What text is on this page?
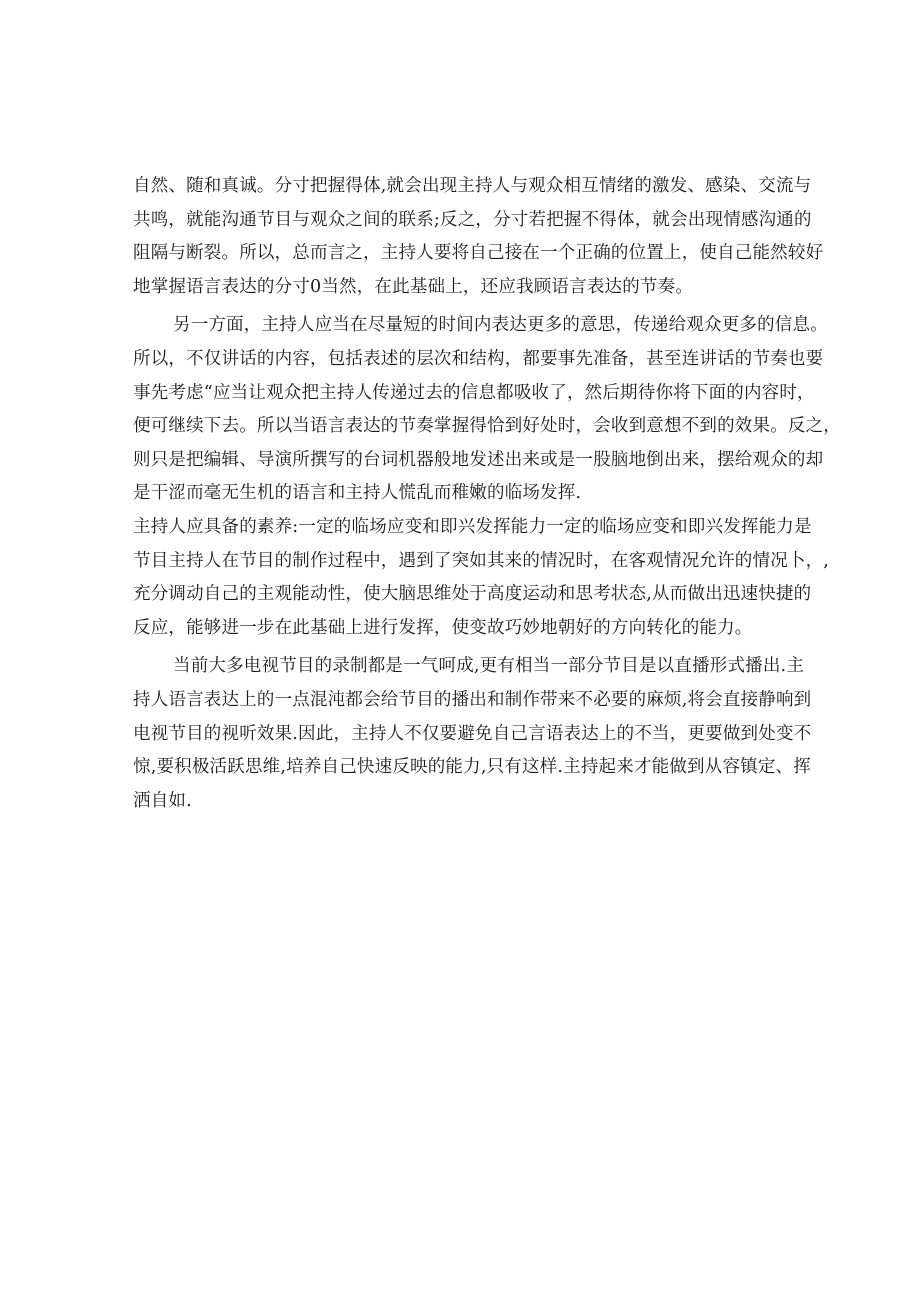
自然、随和真诚。分寸把握得体,就会出现主持人与观众相互情绪的激发、感染、交流与
共鸣，就能沟通节目与观众之间的联系;反之，分寸若把握不得体，就会出现情感沟通的
阻隔与断裂。所以，总而言之，主持人要将自己接在一个正确的位置上，使自己能然较好
地掌握语言表达的分寸0当然，在此基础上，还应我顾语言表达的节奏。
另一方面，主持人应当在尽量短的时间内表达更多的意思，传递给观众更多的信息。
所以，不仅讲话的内容，包括表述的层次和结构，都要事先准备，甚至连讲话的节奏也要
事先考虑“应当让观众把主持人传递过去的信息都吸收了，然后期待你将下面的内容时，
便可继续下去。所以当语言表达的节奏掌握得恰到好处时，会收到意想不到的效果。反之，
则只是把编辑、导演所撰写的台词机器般地发述出来或是一股脑地倒出来，摆给观众的却
是干涩而毫无生机的语言和主持人慌乱而稚嫩的临场发挥.
主持人应具备的素养:一定的临场应变和即兴发挥能力一定的临场应变和即兴发挥能力是
节目主持人在节目的制作过程中，遇到了突如其来的情况时，在客观情况允许的情况卜，,
充分调动自己的主观能动性，使大脑思维处于高度运动和思考状态,从而做出迅速快捷的
反应，能够进一步在此基础上进行发挥，使变故巧妙地朝好的方向转化的能力。
当前大多电视节目的录制都是一气呵成,更有相当一部分节目是以直播形式播出.主
持人语言表达上的一点混沌都会给节目的播出和制作带来不必要的麻烦,将会直接静响到
电视节目的视听效果.因此，主持人不仅要避免自己言语表达上的不当，更要做到处变不
惊,要积极活跃思维,培养自己快速反映的能力,只有这样.主持起来才能做到从容镇定、挥
洒自如.
